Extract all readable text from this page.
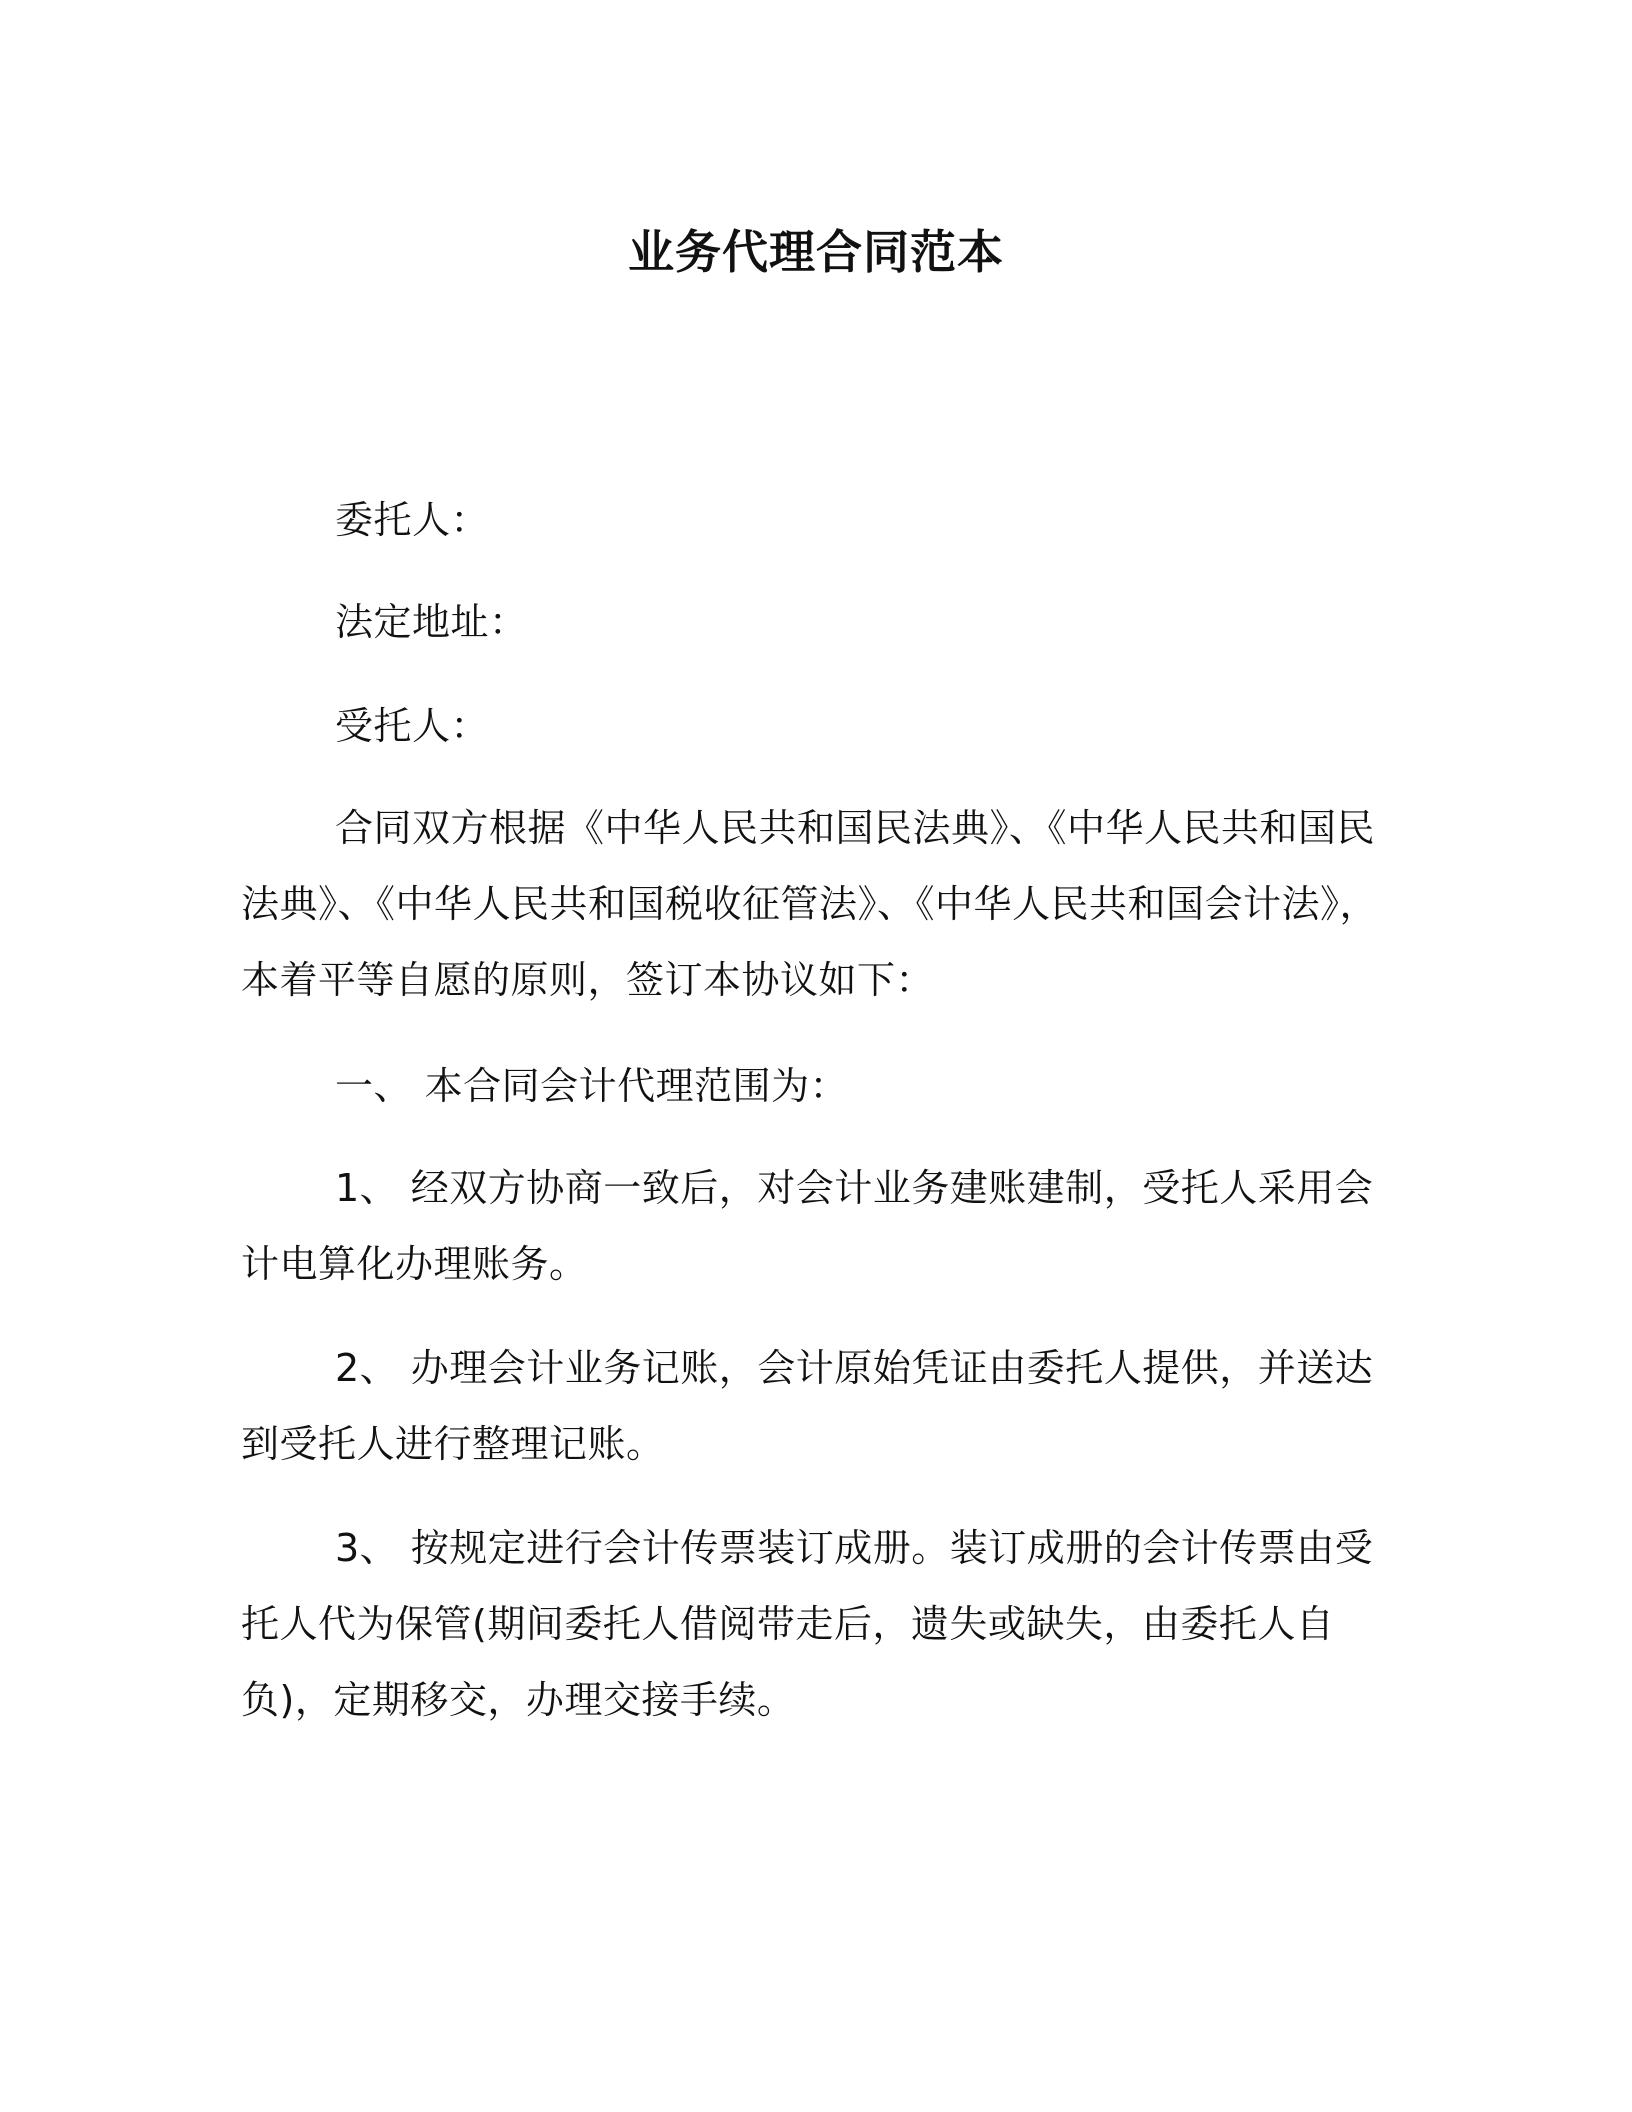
业务代理合同范本
委托人：
法定地址：
受托人：

合同双方根据《中华人民共和国民法典》、《中华人民共和国民法典》、《中华人民共和国税收征管法》、《中华人民共和国会计法》，本着平等自愿的原则，签订本协议如下：

一、 本合同会计代理范围为：

1、 经双方协商一致后，对会计业务建账建制，受托人采用会计电算化办理账务。

2、 办理会计业务记账，会计原始凭证由委托人提供，并送达到受托人进行整理记账。

3、 按规定进行会计传票装订成册。装订成册的会计传票由受托人代为保管(期间委托人借阅带走后，遗失或缺失，由委托人自负)，定期移交，办理交接手续。
